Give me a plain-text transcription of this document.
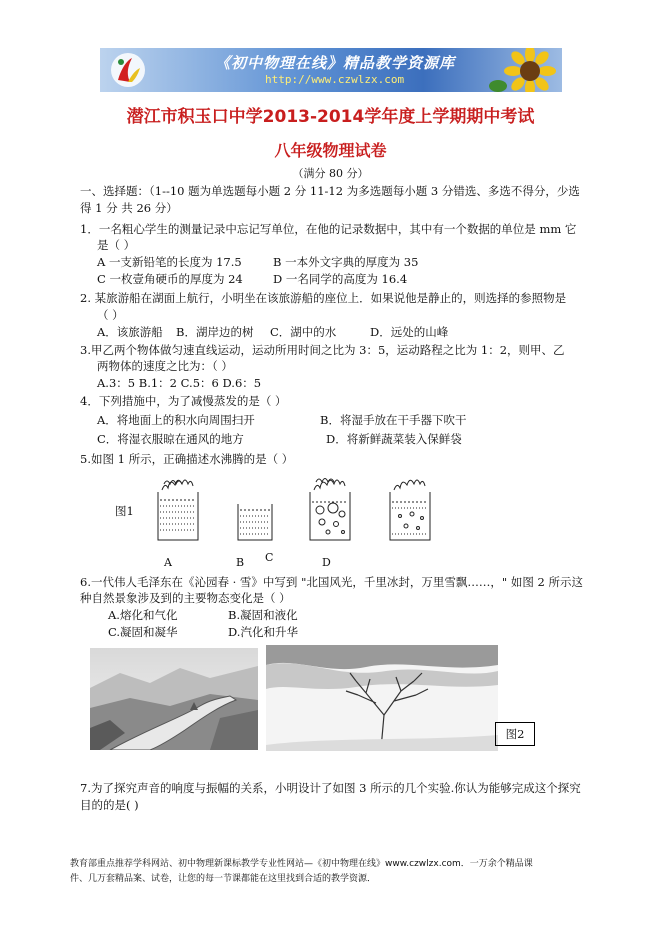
《初中物理在线》精品教学资源库
http://www.czwlzx.com
潜江市积玉口中学2013-2014学年度上学期期中考试
八年级物理试卷
（满分 80 分）
一、选择题：（1--10 题为单选题每小题 2 分 11-12 为多选题每小题 3 分错选、多选不得分，少选
得 1 分 共 26 分）
1．一名粗心学生的测量记录中忘记写单位，在他的记录数据中，其中有一个数据的单位是 mm 它
是（ ）
A 一支新铅笔的长度为 17.5	B 一本外文字典的厚度为 35
C 一枚壹角硬币的厚度为 24	D 一名同学的高度为 16.4
2. 某旅游船在湖面上航行，小明坐在该旅游船的座位上．如果说他是静止的，则选择的参照物是
（ ）
A．该旅游船 B．湖岸边的树 C．湖中的水	D．远处的山峰
3.甲乙两个物体做匀速直线运动，运动所用时间之比为 3：5，运动路程之比为 1：2，则甲、乙
两物体的速度之比为：（ ）
A.3：5 B.1：2 C.5：6 D.6：5
4．下列措施中，为了减慢蒸发的是（ ）
A．将地面上的积水向周围扫开	B．将湿手放在干手器下吹干
C．将湿衣服晾在通风的地方	D．将新鲜蔬菜装入保鲜袋
5.如图 1 所示，正确描述水沸腾的是（ ）
图1
A	B C	D
6.一代伟人毛泽东在《沁园春 · 雪》中写到 "北国风光，千里冰封，万里雪飘……，" 如图 2 所示这
种自然景象涉及到的主要物态变化是（ ）
A.熔化和气化	B.凝固和液化
C.凝固和凝华	D.汽化和升华
图2
7.为了探究声音的响度与振幅的关系，小明设计了如图 3 所示的几个实验.你认为能够完成这个探究
目的的是( )
教育部重点推荐学科网站、初中物理新课标教学专业性网站—《初中物理在线》www.czwlzx.com．一万余个精品课
件、几万套精品案、试卷，让您的每一节课都能在这里找到合适的教学资源．
